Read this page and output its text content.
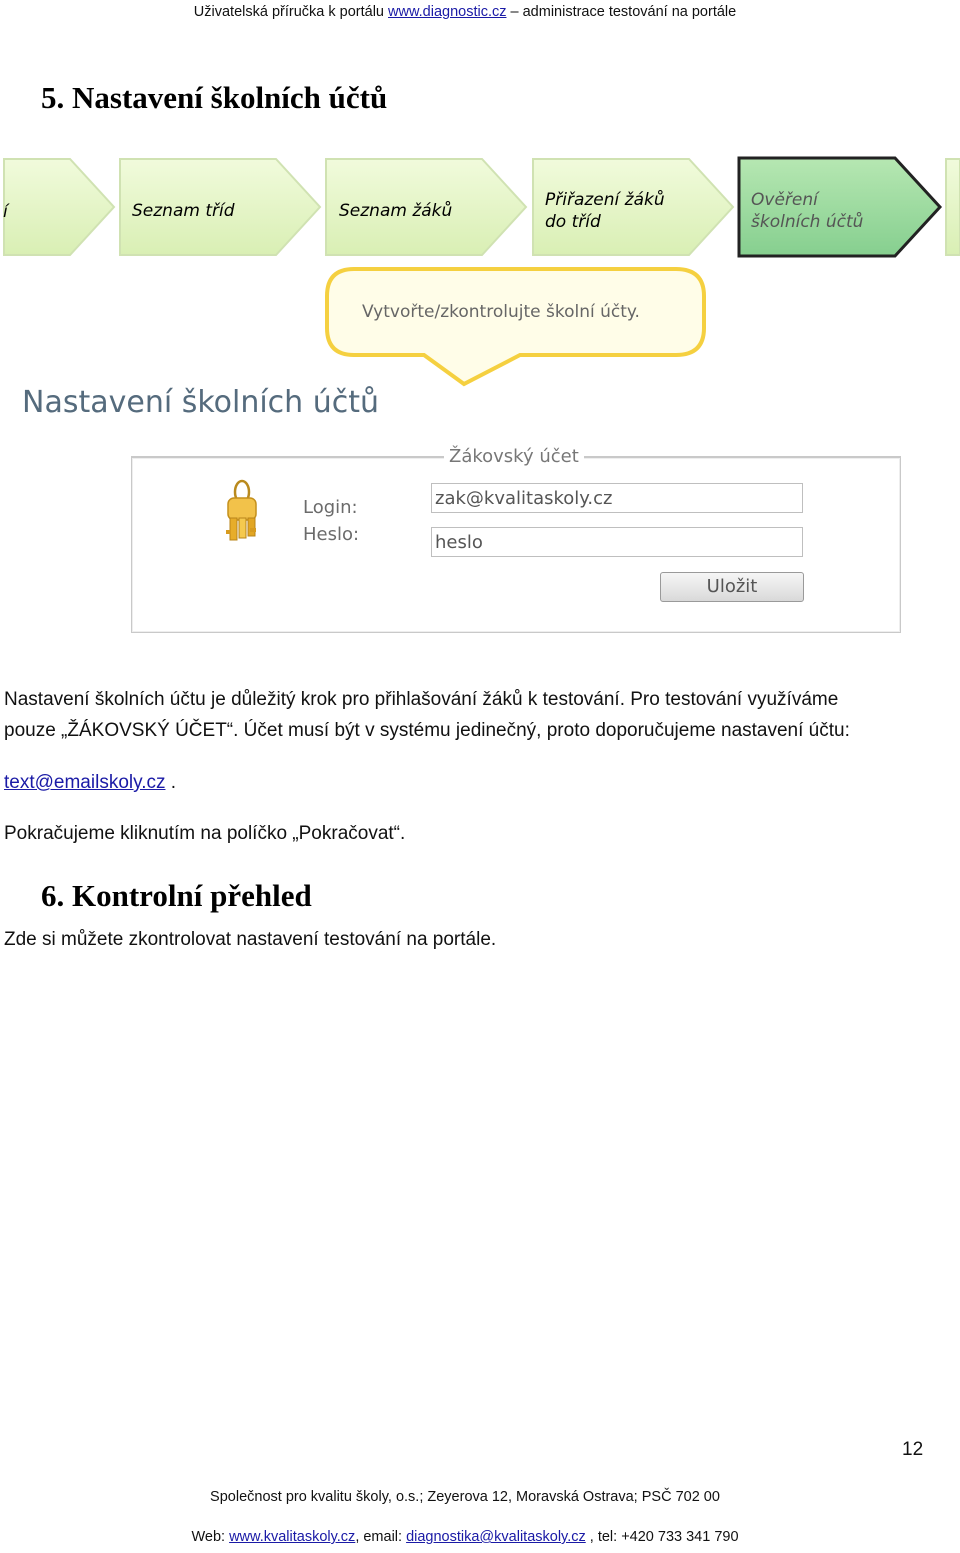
Uživatelská příručka k portálu www.diagnostic.cz – administrace testování na portále
5. Nastavení školních účtů
í	Seznam tříd	Seznam žáků
Přiřazení žáků
do tříd
Ověření
školních účtů
Vytvořte/zkontrolujte školní účty.
Nastavení školních účtů
Žákovský účet
Login:
Heslo:
zak@kvalitaskoly.cz
heslo
Uložit
Nastavení školních účtu je důležitý krok pro přihlašování žáků k testování. Pro testování využíváme
pouze „ŽÁKOVSKÝ ÚČET“. Účet musí být v systému jedinečný, proto doporučujeme nastavení účtu:
text@emailskoly.cz .
Pokračujeme kliknutím na políčko „Pokračovat“.
6. Kontrolní přehled
Zde si můžete zkontrolovat nastavení testování na portále.
12
Společnost pro kvalitu školy, o.s.; Zeyerova 12, Moravská Ostrava; PSČ 702 00
Web: www.kvalitaskoly.cz, email: diagnostika@kvalitaskoly.cz , tel: +420 733 341 790
